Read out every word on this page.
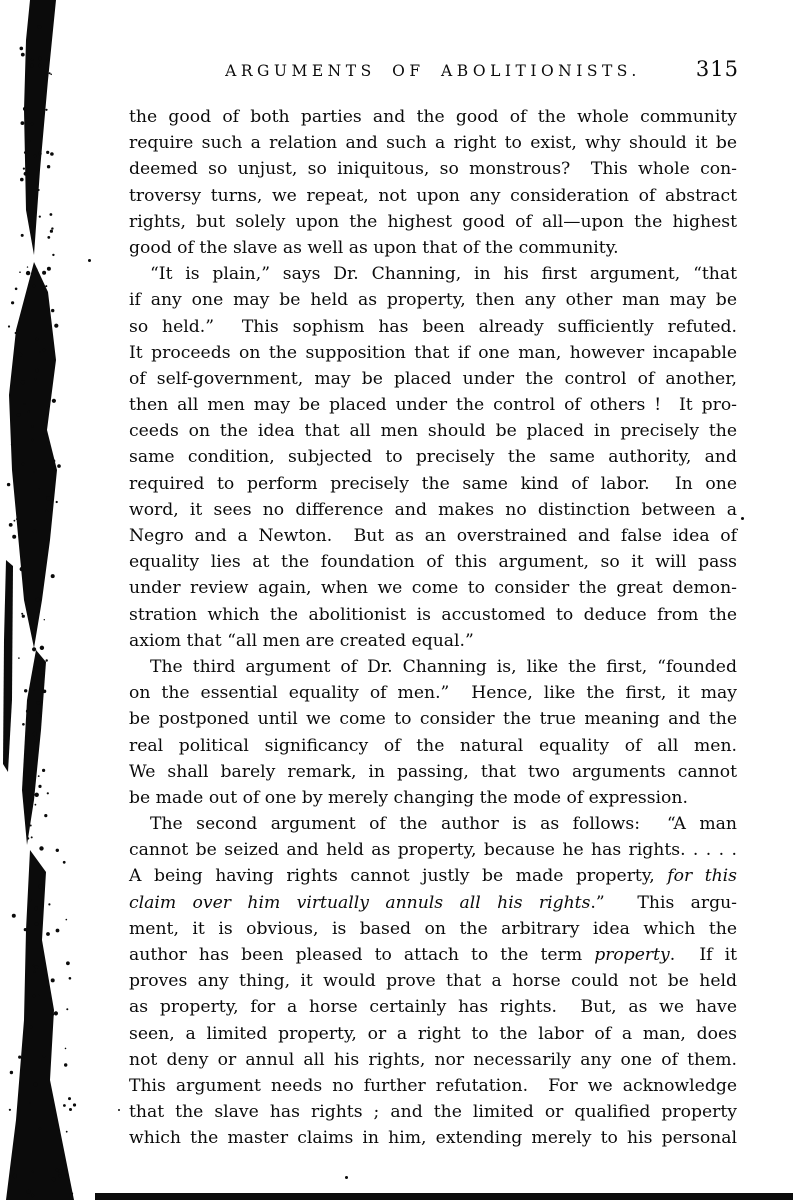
ARGUMENTS OF ABOLITIONISTS.	315
the good of both parties and the good of the whole community
require such a relation and such a right to exist, why should it be
deemed so unjust, so iniquitous, so monstrous?  This whole con-
troversy turns, we repeat, not upon any consideration of abstract
rights, but solely upon the highest good of all—upon the highest
good of the slave as well as upon that of the community.
“It is plain,” says Dr. Channing, in his first argument, “that
if any one may be held as property, then any other man may be
so held.”  This sophism has been already sufficiently refuted.
It proceeds on the supposition that if one man, however incapable
of self-government, may be placed under the control of another,
then all men may be placed under the control of others !  It pro-
ceeds on the idea that all men should be placed in precisely the
same condition, subjected to precisely the same authority, and
required to perform precisely the same kind of labor.  In one
word, it sees no difference and makes no distinction between a
Negro and a Newton.  But as an overstrained and false idea of
equality lies at the foundation of this argument, so it will pass
under review again, when we come to consider the great demon-
stration which the abolitionist is accustomed to deduce from the
axiom that “all men are created equal.”
The third argument of Dr. Channing is, like the first, “founded
on the essential equality of men.”  Hence, like the first, it may
be postponed until we come to consider the true meaning and the
real political significancy of the natural equality of all men.
We shall barely remark, in passing, that two arguments cannot
be made out of one by merely changing the mode of expression.
The second argument of the author is as follows:  “A man
cannot be seized and held as property, because he has rights. . . . .
A being having rights cannot justly be made property, for this
claim over him virtually annuls all his rights.”  This argu-
ment, it is obvious, is based on the arbitrary idea which the
author has been pleased to attach to the term property.  If it
proves any thing, it would prove that a horse could not be held
as property, for a horse certainly has rights.  But, as we have
seen, a limited property, or a right to the labor of a man, does
not deny or annul all his rights, nor necessarily any one of them.
This argument needs no further refutation.  For we acknowledge
that the slave has rights ; and the limited or qualified property
which the master claims in him, extending merely to his personal
